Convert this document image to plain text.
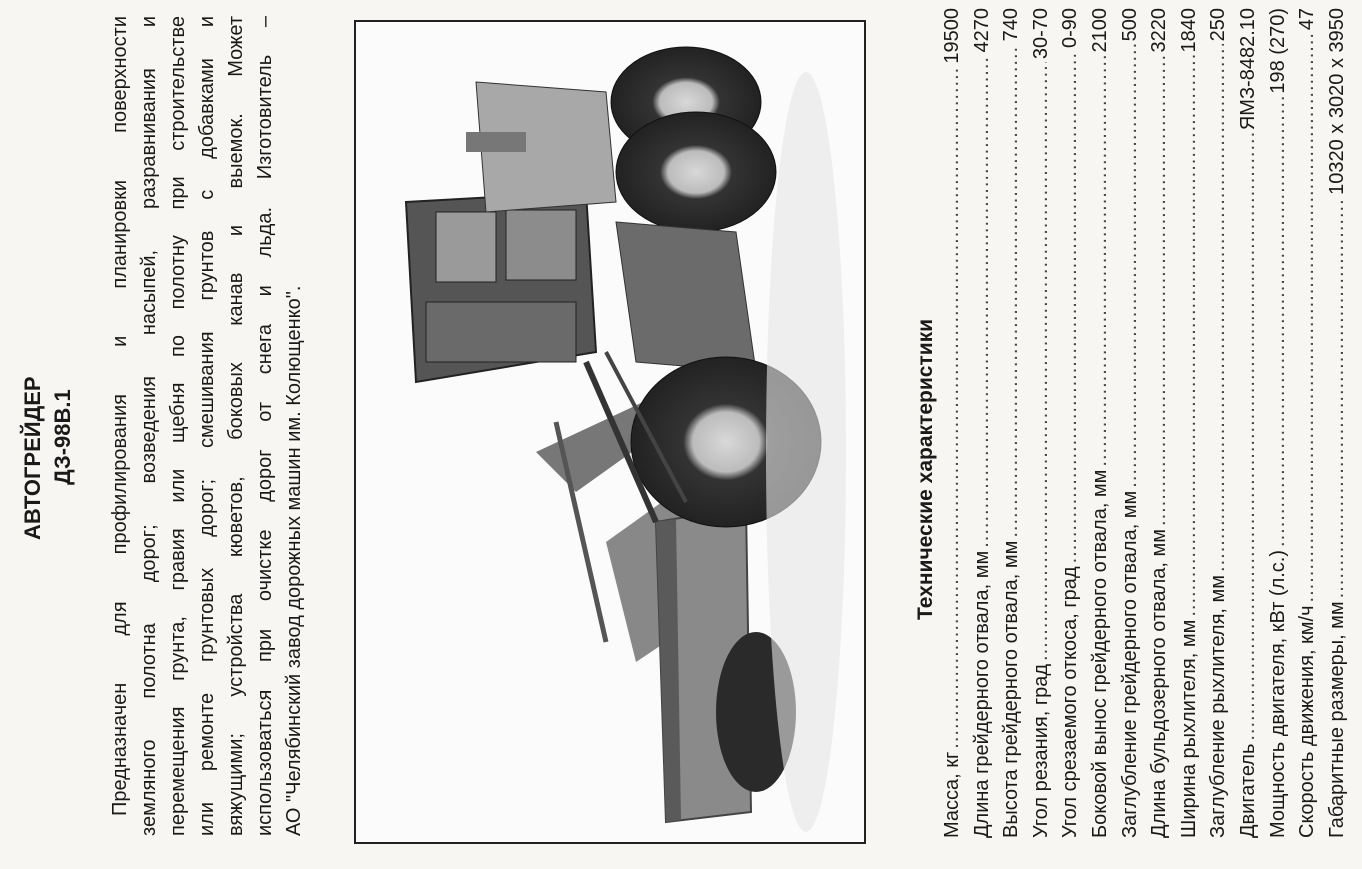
АВТОГРЕЙДЕР ДЗ-98В.1 Предназначен для профилирования и планировки поверхности земляного полотна дорог; возведения насыпей, разравнивания и перемещения грунта, гравия или щебня по полотну при строительстве или ремонте грунтовых дорог; смешивания грунтов с добавками и вяжущими; устройства кюветов, боковых канав и выемок. Может использоваться при очистке дорог от снега и льда. Изготовитель – АО "Челябинский завод дорожных машин им. Колющенко".	Технические характеристики
Масса, кг
.....
19500
Длина грейдерного отвала, мм
.....
4270
Высота грейдерного отвала, мм
.....
740
Угол резания, град
.....
30-70
Угол срезаемого откоса, град
.....
0-90
Боковой вынос грейдерного отвала, мм
.....
2100
Заглубление грейдерного отвала, мм
.....
500
Длина бульдозерного отвала, мм
.....
3220
Ширина рыхлителя, мм
.....
1840
Заглубление рыхлителя, мм
.....
250
Двигатель
.....
ЯМЗ-8482.10
Мощность двигателя, кВт (л.с.)
.....
198 (270)
Скорость движения, км/ч
.....
47
Габаритные размеры, мм
.....
10320 х 3020 х 3950
